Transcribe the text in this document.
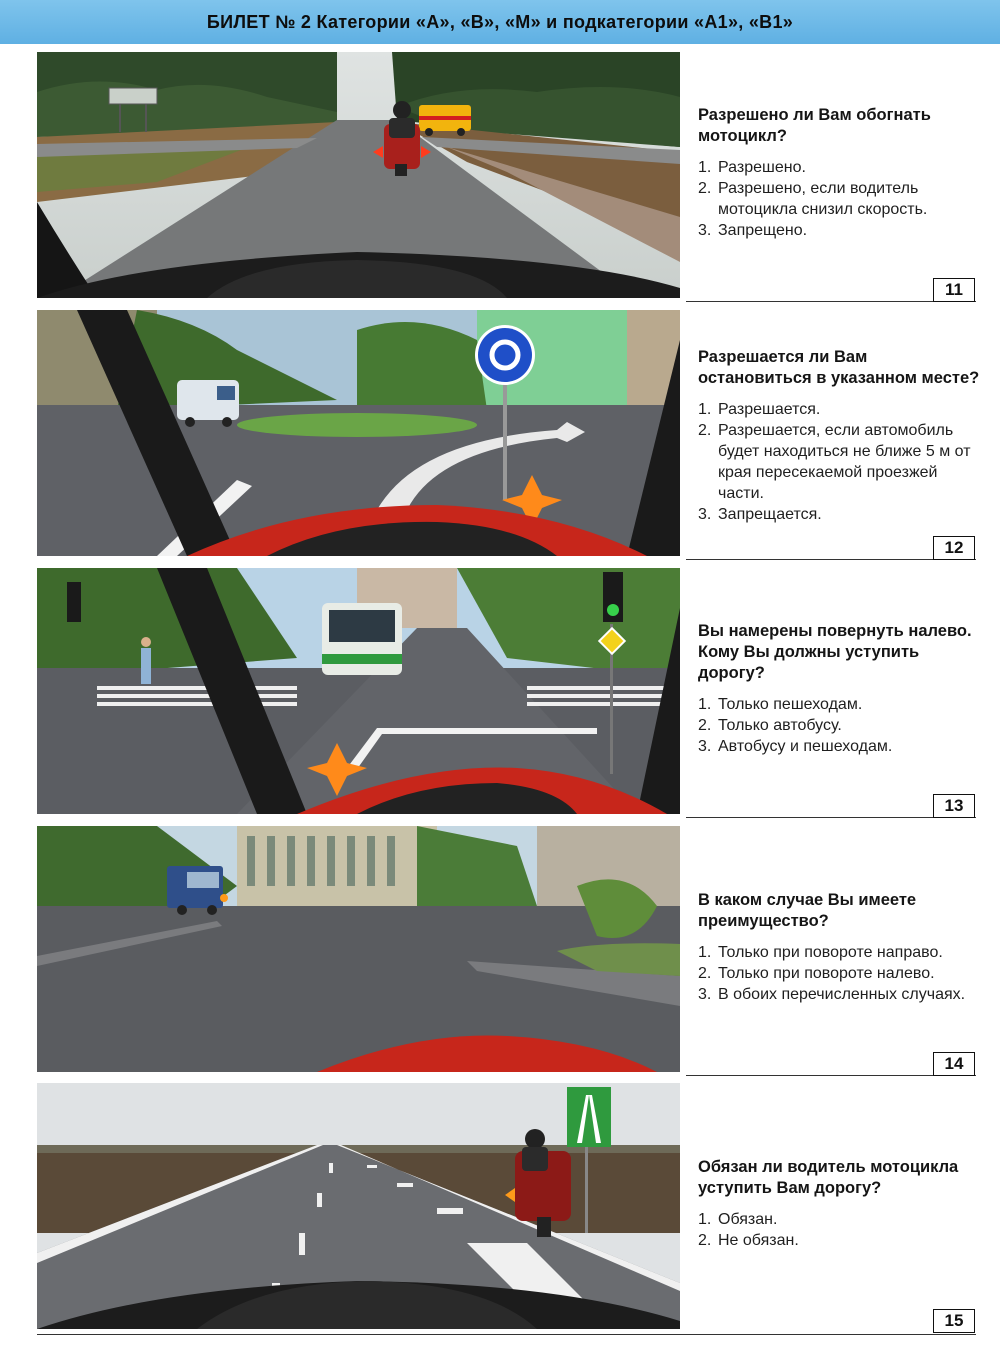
БИЛЕТ № 2 Категории «А», «В», «М» и подкатегории «А1», «В1»

Разрешено ли Вам обогнать мотоцикл?

1. Разрешено.
2. Разрешено, если водитель мотоцикла снизил скорость.
3. Запрещено.
11

Разрешается ли Вам остановиться в указанном месте?

1. Разрешается.
2. Разрешается, если автомобиль будет находиться не ближе 5 м от края пересекаемой проезжей части.
3. Запрещается.
12

Вы намерены повернуть налево. Кому Вы должны уступить дорогу?

1. Только пешеходам.
2. Только автобусу.
3. Автобусу и пешеходам.
13

В каком случае Вы имеете преимущество?

1. Только при повороте направо.
2. Только при повороте налево.
3. В обоих перечисленных случаях.
14

Обязан ли водитель мотоцикла уступить Вам дорогу?

1. Обязан.
2. Не обязан.
15
